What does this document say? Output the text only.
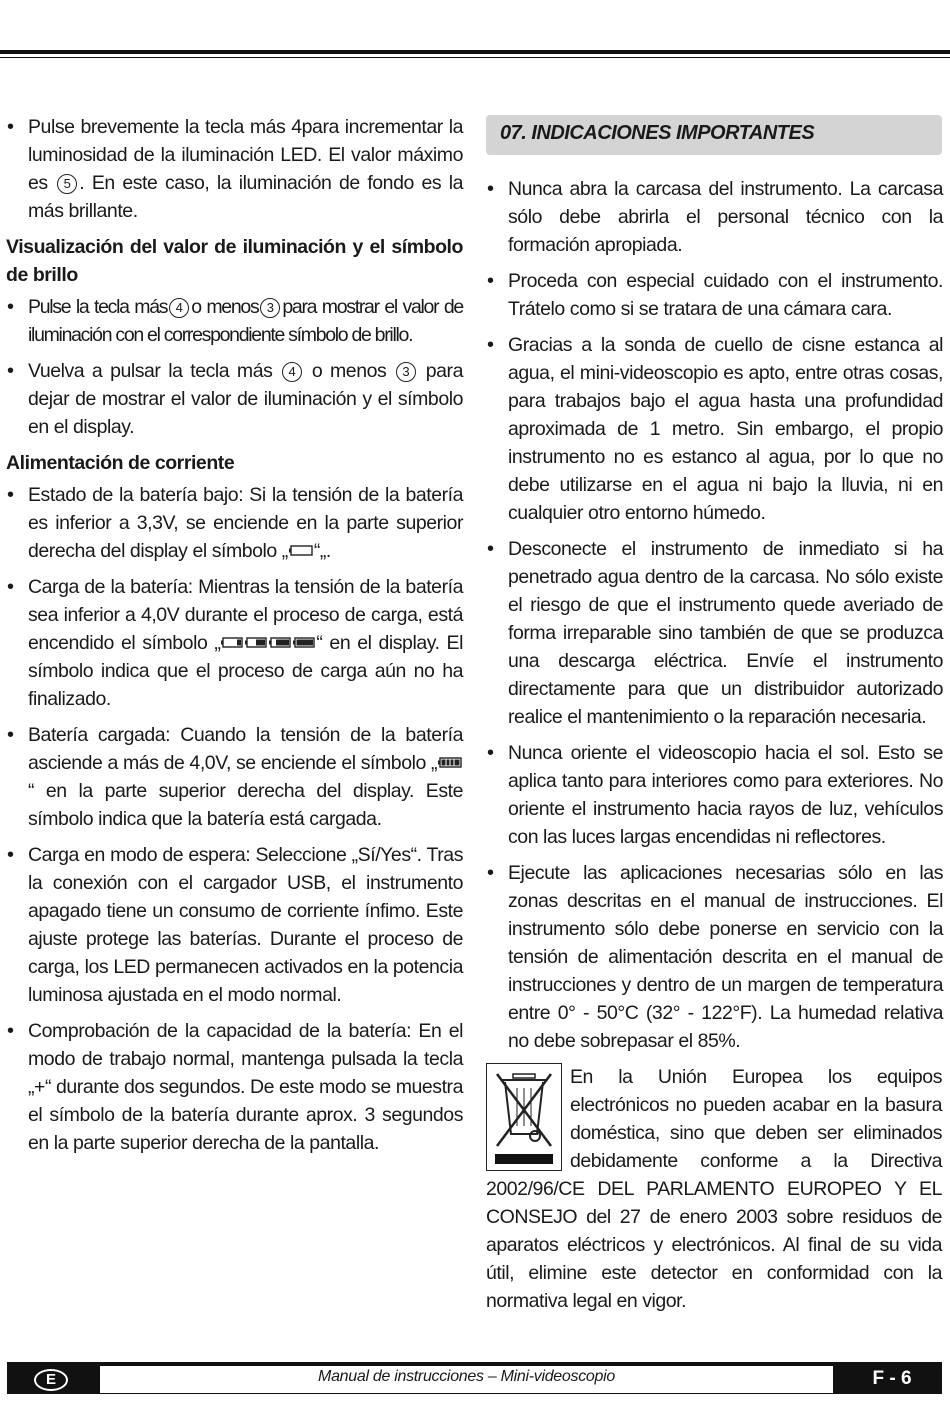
• Pulse brevemente la tecla más 4para incrementar la luminosidad de la iluminación LED. El valor máximo es 5 . En este caso, la iluminación de fondo es la más brillante.

Visualización del valor de iluminación y el símbolo de brillo

• Pulse la tecla más 4 o menos 3 para mostrar el valor de iluminación con el correspondiente símbolo de brillo.
• Vuelva a pulsar la tecla más 4 o menos 3 para dejar de mostrar el valor de iluminación y el símbolo en el display.

Alimentación de corriente

• Estado de la batería bajo: Si la tensión de la batería es inferior a 3,3V, se enciende en la parte superior derecha del display el símbolo „ “„.
• Carga de la batería: Mientras la tensión de la batería sea inferior a 4,0V durante el proceso de carga, está encendido el símbolo „	“ en el display. El símbolo indica que el proceso de carga aún no ha finalizado.
• Batería cargada: Cuando la tensión de la batería asciende a más de 4,0V, se enciende el símbolo „“ en la parte superior derecha del display. Este símbolo indica que la batería está cargada.
• Carga en modo de espera: Seleccione „Sí/Yes“. Tras la conexión con el cargador USB, el instrumento apagado tiene un consumo de corriente ínfimo. Este ajuste protege las baterías. Durante el proceso de carga, los LED permanecen activados en la potencia luminosa ajustada en el modo normal.
• Comprobación de la capacidad de la batería: En el modo de trabajo normal, mantenga pulsada la tecla „+“ durante dos segundos. De este modo se muestra el símbolo de la batería durante aprox. 3 segundos en la parte superior derecha de la pantalla.
07. INDICACIONES IMPORTANTES
• Nunca abra la carcasa del instrumento. La carcasa sólo debe abrirla el personal técnico con la formación apropiada.
• Proceda con especial cuidado con el instrumento. Trátelo como si se tratara de una cámara cara.
• Gracias a la sonda de cuello de cisne estanca al agua, el mini-videoscopio es apto, entre otras cosas, para trabajos bajo el agua hasta una profundidad aproximada de 1 metro. Sin embargo, el propio instrumento no es estanco al agua, por lo que no debe utilizarse en el agua ni bajo la lluvia, ni en cualquier otro entorno húmedo.
• Desconecte el instrumento de inmediato si ha penetrado agua dentro de la carcasa. No sólo existe el riesgo de que el instrumento quede averiado de forma irreparable sino también de que se produzca una descarga eléctrica. Envíe el instrumento directamente para que un distribuidor autorizado realice el mantenimiento o la reparación necesaria.
• Nunca oriente el videoscopio hacia el sol. Esto se aplica tanto para interiores como para exteriores. No oriente el instrumento hacia rayos de luz, vehículos con las luces largas encendidas ni reflectores.
• Ejecute las aplicaciones necesarias sólo en las zonas descritas en el manual de instrucciones. El instrumento sólo debe ponerse en servicio con la tensión de alimentación descrita en el manual de instrucciones y dentro de un margen de temperatura entre 0° - 50°C (32° - 122°F). La humedad relativa no debe sobrepasar el 85%.

En la Unión Europea los equipos electrónicos no pueden acabar en la basura doméstica, sino que deben ser eliminados debidamente conforme a la Directiva 2002/96/CE DEL PARLAMENTO EUROPEO Y EL CONSEJO del 27 de enero 2003 sobre residuos de aparatos eléctricos y electrónicos. Al final de su vida útil, elimine este detector en conformidad con la normativa legal en vigor.

Manual de instrucciones – Mini-videoscopio
E	F - 6
